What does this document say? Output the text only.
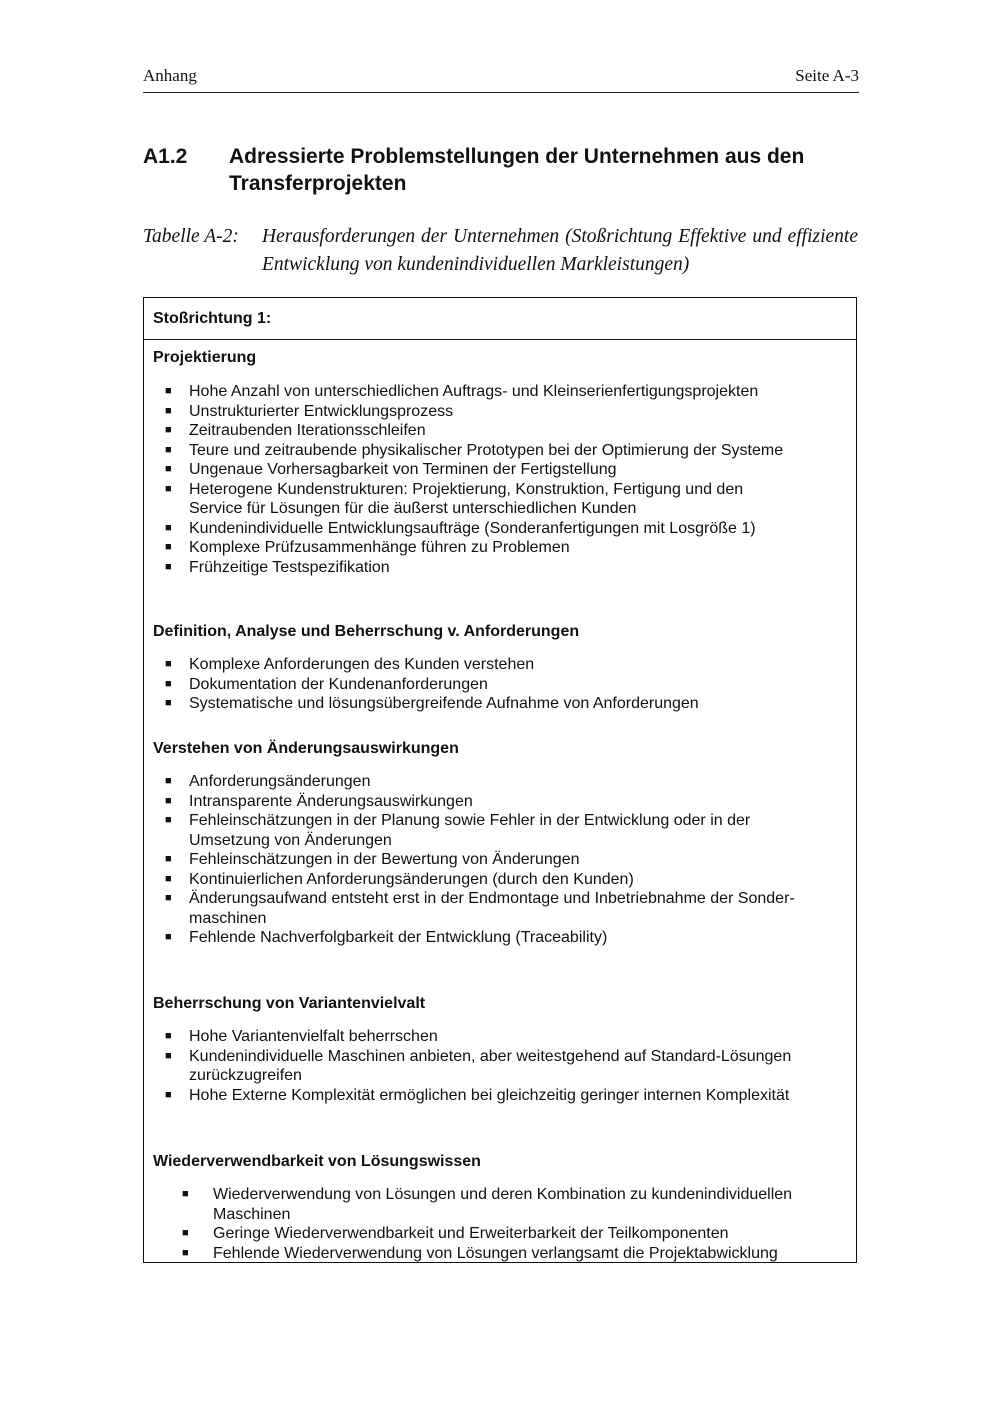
Anhang	Seite A-3
A1.2 Adressierte Problemstellungen der Unternehmen aus den Transferprojekten
Tabelle A-2: Herausforderungen der Unternehmen (Stoßrichtung Effektive und effiziente Entwicklung von kundenindividuellen Markleistungen)
Stoßrichtung 1:
Projektierung
■ Hohe Anzahl von unterschiedlichen Auftrags- und Kleinserienfertigungsprojekten
■ Unstrukturierter Entwicklungsprozess
■ Zeitraubenden Iterationsschleifen
■ Teure und zeitraubende physikalischer Prototypen bei der Optimierung der Systeme
■ Ungenaue Vorhersagbarkeit von Terminen der Fertigstellung
■ Heterogene Kundenstrukturen: Projektierung, Konstruktion, Fertigung und den Service für Lösungen für die äußerst unterschiedlichen Kunden
■ Kundenindividuelle Entwicklungsaufträge (Sonderanfertigungen mit Losgröße 1)
■ Komplexe Prüfzusammenhänge führen zu Problemen
■ Frühzeitige Testspezifikation
Definition, Analyse und Beherrschung v. Anforderungen
■ Komplexe Anforderungen des Kunden verstehen
■ Dokumentation der Kundenanforderungen
■ Systematische und lösungsübergreifende Aufnahme von Anforderungen
Verstehen von Änderungsauswirkungen
■ Anforderungsänderungen
■ Intransparente Änderungsauswirkungen
■ Fehleinschätzungen in der Planung sowie Fehler in der Entwicklung oder in der Umsetzung von Änderungen
■ Fehleinschätzungen in der Bewertung von Änderungen
■ Kontinuierlichen Anforderungsänderungen (durch den Kunden)
■ Änderungsaufwand entsteht erst in der Endmontage und Inbetriebnahme der Sondermaschinen
■ Fehlende Nachverfolgbarkeit der Entwicklung (Traceability)
Beherrschung von Variantenvielvalt
■ Hohe Variantenvielfalt beherrschen
■ Kundenindividuelle Maschinen anbieten, aber weitestgehend auf Standard-Lösungen zurückzugreifen
■ Hohe Externe Komplexität ermöglichen bei gleichzeitig geringer internen Komplexität
Wiederverwendbarkeit von Lösungswissen
■ Wiederverwendung von Lösungen und deren Kombination zu kundenindividuellen Maschinen
■ Geringe Wiederverwendbarkeit und Erweiterbarkeit der Teilkomponenten
■ Fehlende Wiederverwendung von Lösungen verlangsamt die Projektabwicklung
